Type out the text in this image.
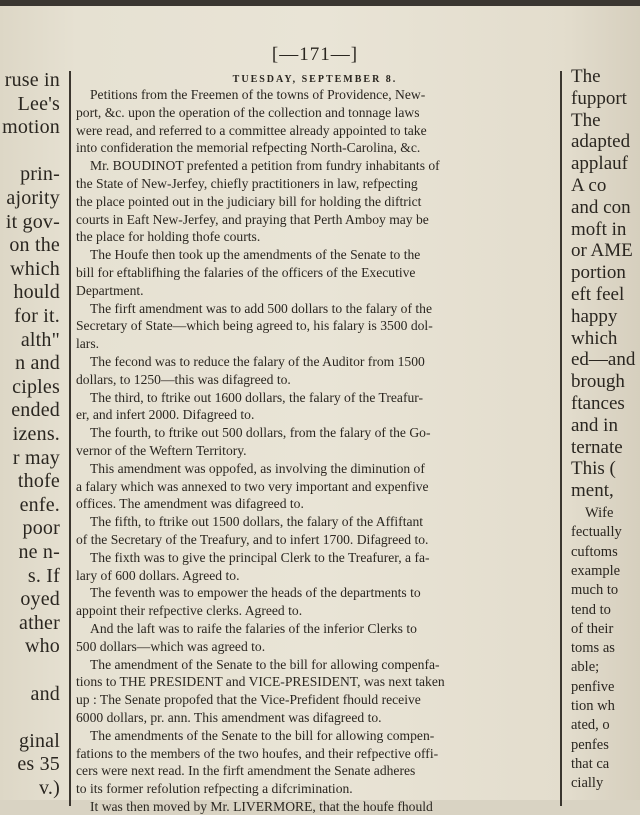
ruse in
Lee's
motion
prin-
ajority
it gov-
on the
which
hould
for it.
alth"
n and
ciples
ended
izens.
r may
thofe
enfe.
poor
ne n-
s. If
oyed
ather
who
and
ginal
es 35
v.)
[—171—]
TUESDAY, SEPTEMBER 8.
Petitions from the Freemen of the towns of Providence, New-
port, &c. upon the operation of the collection and tonnage laws
were read, and referred to a committee already appointed to take
into confideration the memorial refpecting North-Carolina, &c.
Mr. BOUDINOT prefented a petition from fundry inhabitants of
the State of New-Jerfey, chiefly practitioners in law, refpecting
the place pointed out in the judiciary bill for holding the diftrict
courts in Eaft New-Jerfey, and praying that Perth Amboy may be
the place for holding thofe courts.
The Houfe then took up the amendments of the Senate to the
bill for eftablifhing the falaries of the officers of the Executive
Department.
The firft amendment was to add 500 dollars to the falary of the
Secretary of State—which being agreed to, his falary is 3500 dol-
lars.
The fecond was to reduce the falary of the Auditor from 1500
dollars, to 1250—this was difagreed to.
The third, to ftrike out 1600 dollars, the falary of the Treafur-
er, and infert 2000. Difagreed to.
The fourth, to ftrike out 500 dollars, from the falary of the Go-
vernor of the Weftern Territory.
This amendment was oppofed, as involving the diminution of
a falary which was annexed to two very important and expenfive
offices. The amendment was difagreed to.
The fifth, to ftrike out 1500 dollars, the falary of the Affiftant
of the Secretary of the Treafury, and to infert 1700. Difagreed to.
The fixth was to give the principal Clerk to the Treafurer, a fa-
lary of 600 dollars. Agreed to.
The feventh was to empower the heads of the departments to
appoint their refpective clerks. Agreed to.
And the laft was to raife the falaries of the inferior Clerks to
500 dollars—which was agreed to.
The amendment of the Senate to the bill for allowing compenfa-
tions to THE PRESIDENT and VICE-PRESIDENT, was next taken
up : The Senate propofed that the Vice-Prefident fhould receive
6000 dollars, pr. ann. This amendment was difagreed to.
The amendments of the Senate to the bill for allowing compen-
fations to the members of the two houfes, and their refpective offi-
cers were next read. In the firft amendment the Senate adheres
to its former refolution refpecting a difcrimination.
It was then moved by Mr. LIVERMORE, that the houfe fhould
The
fupport
The
adapted
applauf
A co
and con
moft in
or AME
portion
eft feel
happy
which
ed—and
brough
ftances
and in
ternate
This (
ment,
Wife
fectually
cuftoms
example
much to
tend to
of their
toms as
able;
penfive
tion wh
ated, o
penfes
that ca
cially
